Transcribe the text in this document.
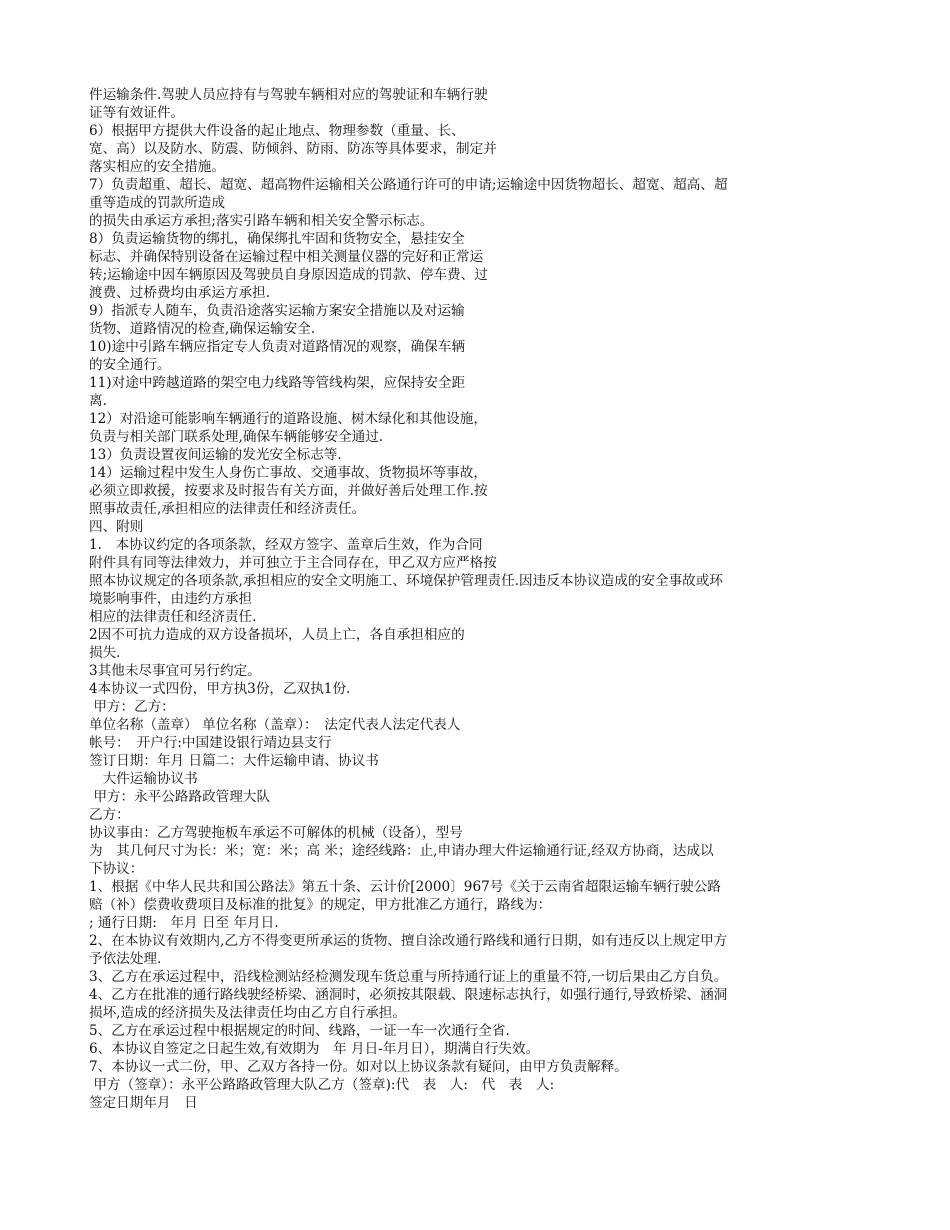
件运输条件.驾驶人员应持有与驾驶车辆相对应的驾驶证和车辆行驶
证等有效证件。
6）根据甲方提供大件设备的起止地点、物理参数（重量、长、
宽、高）以及防水、防震、防倾斜、防雨、防冻等具体要求，制定并
落实相应的安全措施。
7）负责超重、超长、超宽、超高物件运输相关公路通行许可的申请;运输途中因货物超长、超宽、超高、超
重等造成的罚款所造成
的损失由承运方承担;落实引路车辆和相关安全警示标志。
8）负责运输货物的绑扎，确保绑扎牢固和货物安全，悬挂安全
标志、并确保特别设备在运输过程中相关测量仪器的完好和正常运
转;运输途中因车辆原因及驾驶员自身原因造成的罚款、停车费、过
渡费、过桥费均由承运方承担.
9）指派专人随车，负责沿途落实运输方案安全措施以及对运输
货物、道路情况的检查,确保运输安全.
10)途中引路车辆应指定专人负责对道路情况的观察，确保车辆
的安全通行。
11)对途中跨越道路的架空电力线路等管线构架，应保持安全距
离.
12）对沿途可能影响车辆通行的道路设施、树木绿化和其他设施，
负责与相关部门联系处理,确保车辆能够安全通过.
13）负责设置夜间运输的发光安全标志等.
14）运输过程中发生人身伤亡事故、交通事故、货物损坏等事故，
必须立即救援，按要求及时报告有关方面，并做好善后处理工作.按
照事故责任,承担相应的法律责任和经济责任。
四、附则
1.　本协议约定的各项条款，经双方签字、盖章后生效，作为合同
附件具有同等法律效力，并可独立于主合同存在，甲乙双方应严格按
照本协议规定的各项条款,承担相应的安全文明施工、环境保护管理责任.因违反本协议造成的安全事故或环
境影响事件，由违约方承担
相应的法律责任和经济责任.
2因不可抗力造成的双方设备损坏，人员上亡，各自承担相应的
损失.
3其他未尽事宜可另行约定。
4本协议一式四份，甲方执3份，乙双执1份.
甲方：乙方：
单位名称（盖章） 单位名称（盖章）：　法定代表人法定代表人
帐号：　开户行:中国建设银行靖边县支行
签订日期：年月 日篇二：大件运输申请、协议书
　大件运输协议书
甲方：永平公路路政管理大队
乙方：
协议事由：乙方驾驶拖板车承运不可解体的机械（设备），型号
为　其几何尺寸为长：米；宽：米；高 米；途经线路：止,申请办理大件运输通行证,经双方协商，达成以
下协议：
1、根据《中华人民共和国公路法》第五十条、云计价[2000〕967号《关于云南省超限运输车辆行驶公路
赔（补）偿费收费项目及标准的批复》的规定，甲方批准乙方通行，路线为：
; 通行日期:　年月 日至 年月日.
2、在本协议有效期内,乙方不得变更所承运的货物、擅自涂改通行路线和通行日期，如有违反以上规定甲方
予依法处理.
3、乙方在承运过程中，沿线检测站经检测发现车货总重与所持通行证上的重量不符,一切后果由乙方自负。
4、乙方在批准的通行路线驶经桥梁、涵洞时，必须按其限载、限速标志执行，如强行通行,导致桥梁、涵洞
损坏,造成的经济损失及法律责任均由乙方自行承担。
5、乙方在承运过程中根据规定的时间、线路，一证一车一次通行全省.
6、本协议自签定之日起生效,有效期为　年 月日-年月日），期满自行失效。
7、本协议一式二份，甲、乙双方各持一份。如对以上协议条款有疑问，由甲方负责解释。
甲方（签章）：永平公路路政管理大队乙方（签章):代　表　人:　代　表　人:
签定日期年月　日
